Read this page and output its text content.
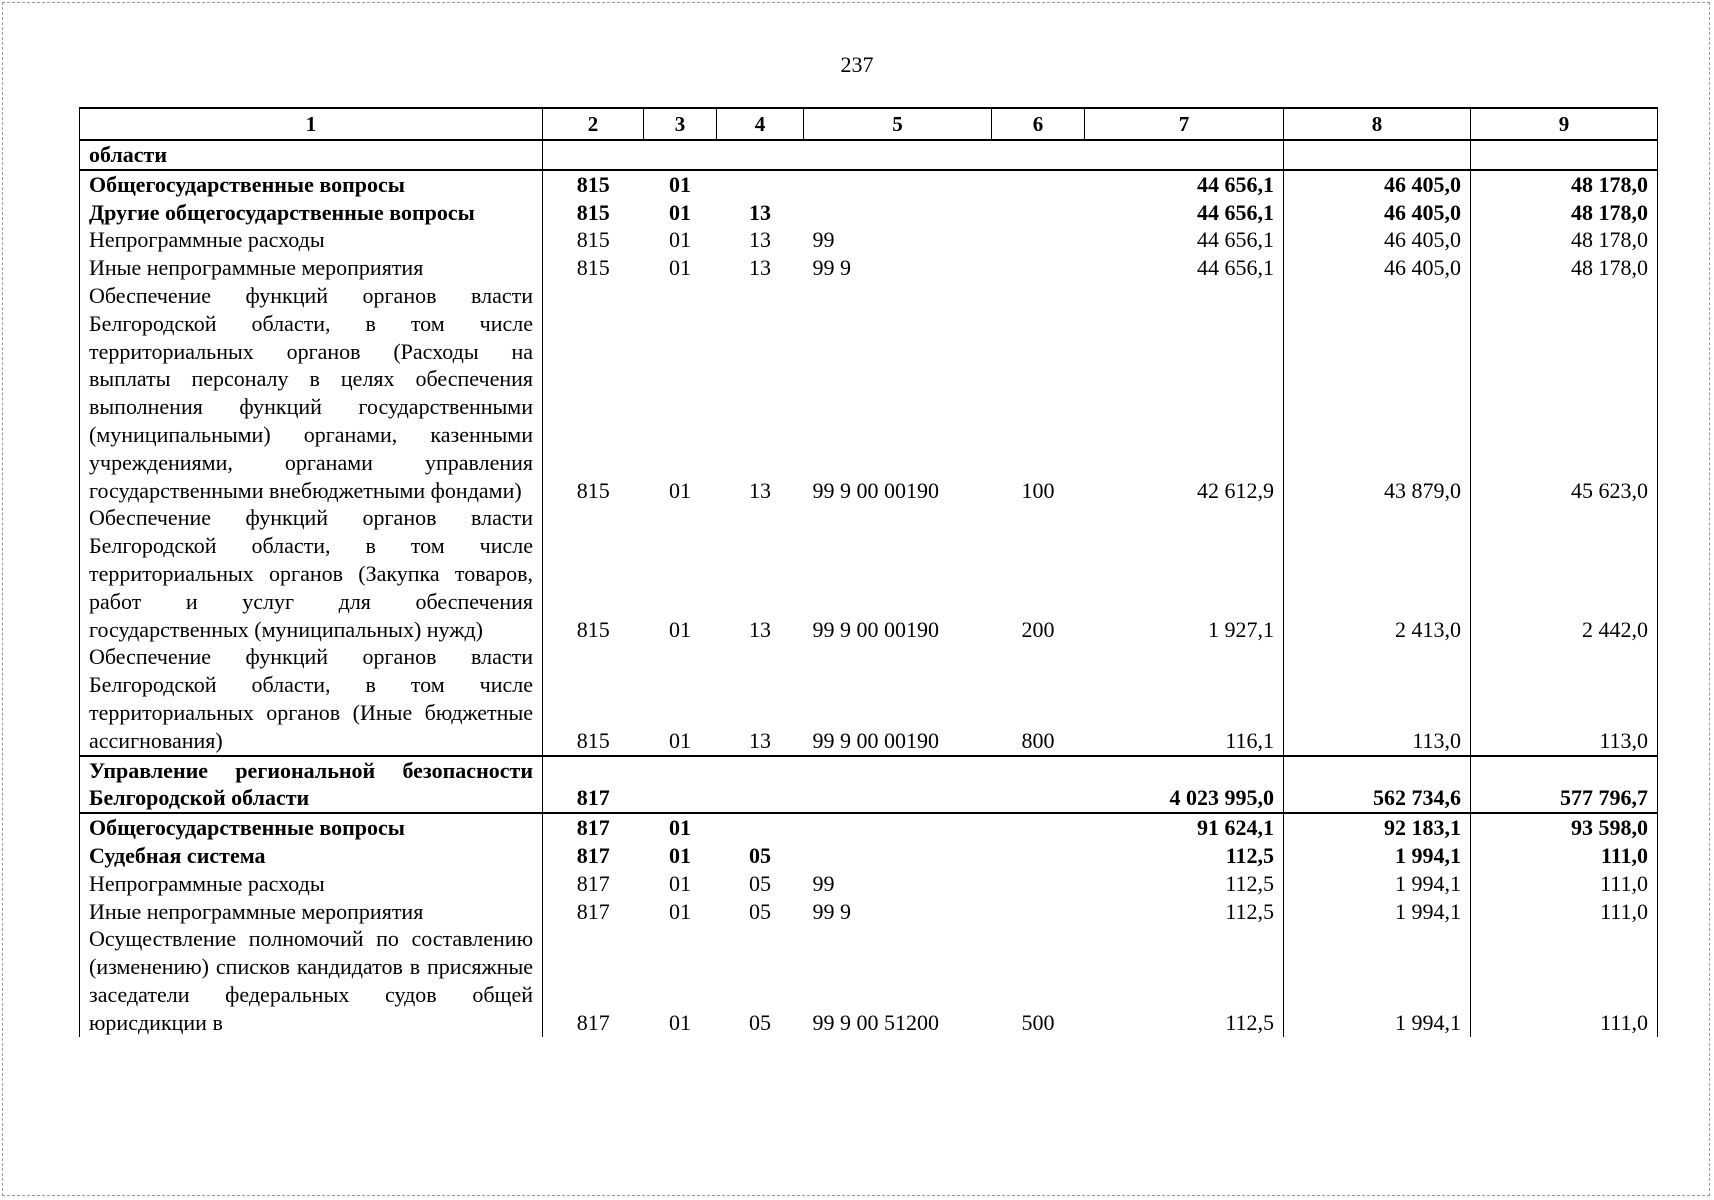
237
1	2	3	4	5	6	7	8	9
области								
Общегосударственные вопросы	815	01				44 656,1	46 405,0	48 178,0
Другие общегосударственные вопросы	815	01	13			44 656,1	46 405,0	48 178,0
Непрограммные расходы	815	01	13	99		44 656,1	46 405,0	48 178,0
Иные непрограммные мероприятия	815	01	13	99 9		44 656,1	46 405,0	48 178,0
Обеспечение функций органов власти Белгородской области, в том числе территориальных органов (Расходы на выплаты персоналу в целях обеспечения выполнения функций государственными (муниципальными) органами, казенными учреждениями, органами управления государственными внебюджетными фондами)	815	01	13	99 9 00 00190	100	42 612,9	43 879,0	45 623,0
Обеспечение функций органов власти Белгородской области, в том числе территориальных органов (Закупка товаров, работ и услуг для обеспечения государственных (муниципальных) нужд)	815	01	13	99 9 00 00190	200	1 927,1	2 413,0	2 442,0
Обеспечение функций органов власти Белгородской области, в том числе территориальных органов (Иные бюджетные ассигнования)	815	01	13	99 9 00 00190	800	116,1	113,0	113,0
Управление региональной безопасности Белгородской области	817					4 023 995,0	562 734,6	577 796,7
Общегосударственные вопросы	817	01				91 624,1	92 183,1	93 598,0
Судебная система	817	01	05			112,5	1 994,1	111,0
Непрограммные расходы	817	01	05	99		112,5	1 994,1	111,0
Иные непрограммные мероприятия	817	01	05	99 9		112,5	1 994,1	111,0
Осуществление полномочий по составлению (изменению) списков кандидатов в присяжные заседатели федеральных судов общей юрисдикции в	817	01	05	99 9 00 51200	500	112,5	1 994,1	111,0
